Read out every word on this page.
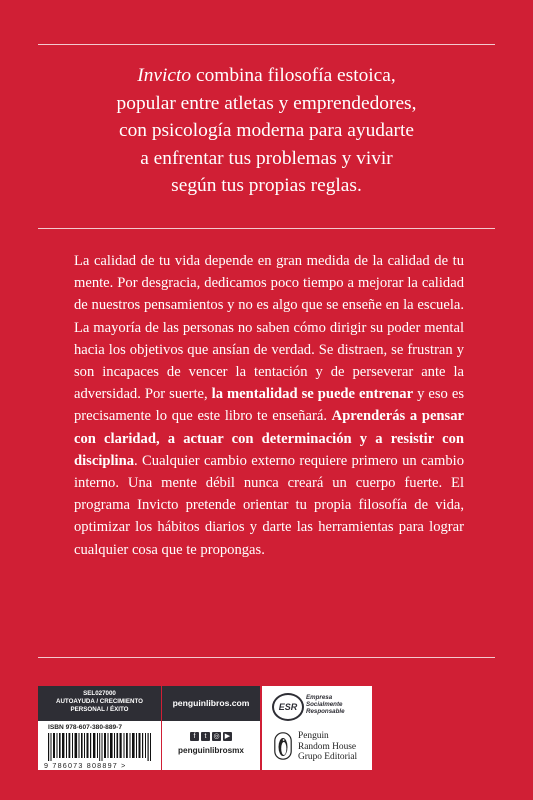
Invicto combina filosofía estoica,
popular entre atletas y emprendedores,
con psicología moderna para ayudarte
a enfrentar tus problemas y vivir
según tus propias reglas.
La calidad de tu vida depende en gran medida de la calidad de tu mente. Por desgracia, dedicamos poco tiempo a mejorar la calidad de nuestros pensamientos y no es algo que se enseñe en la escuela. La mayoría de las personas no saben cómo dirigir su poder mental hacia los objetivos que ansían de verdad. Se distraen, se frustran y son incapaces de vencer la tentación y de perseverar ante la adversidad. Por suerte, la mentalidad se puede entrenar y eso es precisamente lo que este libro te enseñará. Aprenderás a pensar con claridad, a actuar con determinación y a resistir con disciplina. Cualquier cambio externo requiere primero un cambio interno. Una mente débil nunca creará un cuerpo fuerte. El programa Invicto pretende orientar tu propia filosofía de vida, optimizar los hábitos diarios y darte las herramientas para lograr cualquier cosa que te propongas.
SEL027000
AUTOAYUDA / CRECIMIENTO
PERSONAL / ÉXITO
ISBN 978-607-380-889-7
9 786073 808897 >
penguinlibros.com
f t ◎ ▶
penguinlibrosmx
ESR
Empresa
Socialmente
Responsable
Penguin
Random House
Grupo Editorial
